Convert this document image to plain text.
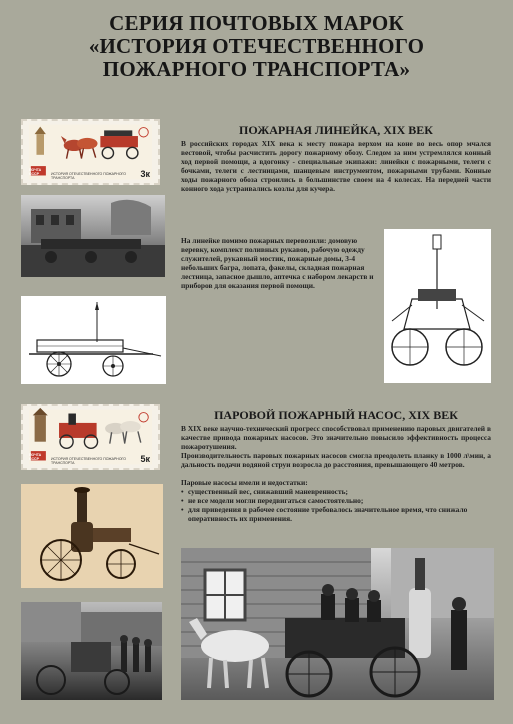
СЕРИЯ ПОЧТОВЫХ МАРОК
«ИСТОРИЯ ОТЕЧЕСТВЕННОГО
ПОЖАРНОГО ТРАНСПОРТА»
ПОЧТА СССР	ИСТОРИЯ ОТЕЧЕСТВЕННОГО ПОЖАРНОГО ТРАНСПОРТА	3к
ПОЖАРНАЯ ЛИНЕЙКА, XIX ВЕК
В российских городах XIX века к месту пожара верхом на коне во весь опор мчался вестовой, чтобы расчистить дорогу пожарному обозу. Следом за ним устремлялся конный ход первой помощи, а вдогонку - специальные экипажи: линейки с пожарными, телеги с бочками, телеги с лестницами, шанцевым инструментом, пожарными трубами. Конные ходы пожарного обоза строились в большинстве своем на 4 колесах. На передней части конного хода устраивались козлы для кучера.
На линейке помимо пожарных перевозили: домовую веревку, комплект поливных рукавов, рабочую одежду служителей, рукавный мостик, пожарные домы, 3-4 небольших багра, лопата, факелы, складная пожарная лестница, запасное дышло, аптечка с набором лекарств и приборов для оказания первой помощи.
ПОЧТА СССР	ИСТОРИЯ ОТЕЧЕСТВЕННОГО ПОЖАРНОГО ТРАНСПОРТА	5к
ПАРОВОЙ ПОЖАРНЫЙ НАСОС, XIX ВЕК
В XIX веке научно-технический прогресс способствовал применению паровых двигателей в качестве привода пожарных насосов. Это значительно повысило эффективность процесса пожаротушения.
Производительность паровых пожарных насосов смогла преодолеть планку в 1000 л\мин, а дальность подачи водяной струи возросла до расстояния, превышающего 40 метров.
Паровые насосы имели и недостатки:
• существенный вес, снижавший маневренность;
• не все модели могли передвигаться самостоятельно;
• для приведения в рабочее состояние требовалось значительное время, что снижало оперативность их применения.
